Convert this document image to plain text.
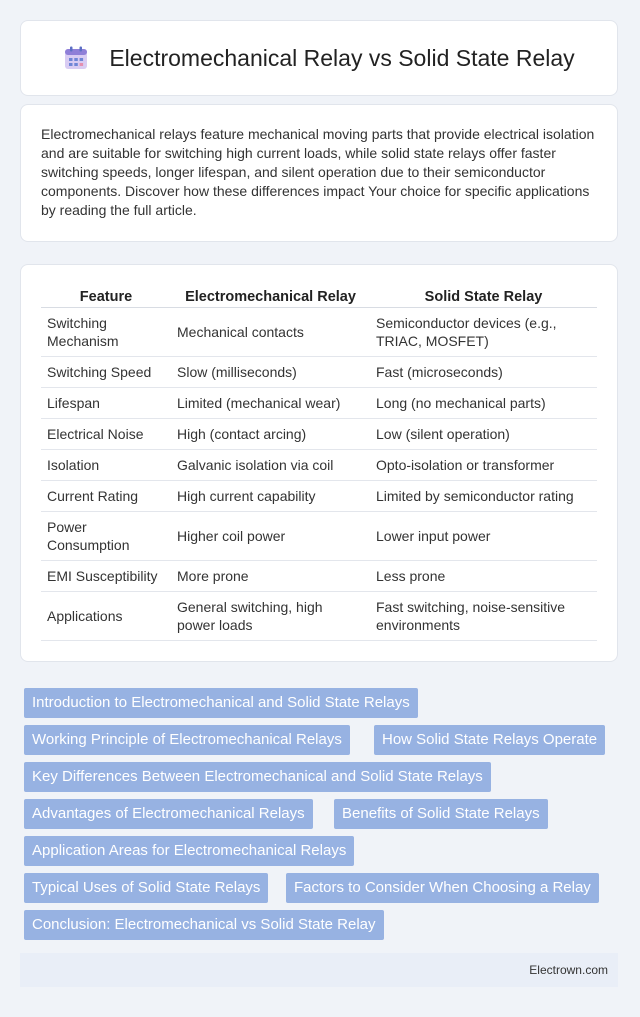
Electromechanical Relay vs Solid State Relay

Electromechanical relays feature mechanical moving parts that provide electrical isolation and are suitable for switching high current loads, while solid state relays offer faster switching speeds, longer lifespan, and silent operation due to their semiconductor components. Discover how these differences impact Your choice for specific applications by reading the full article.

Feature	Electromechanical Relay	Solid State Relay
Switching Mechanism	Mechanical contacts	Semiconductor devices (e.g., TRIAC, MOSFET)
Switching Speed	Slow (milliseconds)	Fast (microseconds)
Lifespan	Limited (mechanical wear)	Long (no mechanical parts)
Electrical Noise	High (contact arcing)	Low (silent operation)
Isolation	Galvanic isolation via coil	Opto-isolation or transformer
Current Rating	High current capability	Limited by semiconductor rating
Power Consumption	Higher coil power	Lower input power
EMI Susceptibility	More prone	Less prone
Applications	General switching, high power loads	Fast switching, noise-sensitive environments
Introduction to Electromechanical and Solid State Relays
Working Principle of Electromechanical Relays	How Solid State Relays Operate
Key Differences Between Electromechanical and Solid State Relays
Advantages of Electromechanical Relays	Benefits of Solid State Relays
Application Areas for Electromechanical Relays
Typical Uses of Solid State Relays	Factors to Consider When Choosing a Relay
Conclusion: Electromechanical vs Solid State Relay
Electrown.com
